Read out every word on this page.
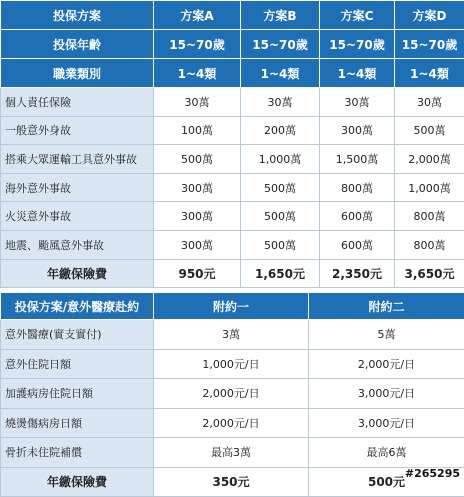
投保方案	方案A	方案B	方案C	方案D
投保年齡	15~70歲	15~70歲	15~70歲	15~70歲
職業類別	1~4類	1~4類	1~4類	1~4類
個人責任保險	30萬	30萬	30萬	30萬
一般意外身故	100萬	200萬	300萬	500萬
搭乘大眾運輸工具意外事故	500萬	1,000萬	1,500萬	2,000萬
海外意外事故	300萬	500萬	800萬	1,000萬
火災意外事故	300萬	500萬	600萬	800萬
地震、颱風意外事故	300萬	500萬	600萬	800萬
年繳保險費	950元	1,650元	2,350元	3,650元
投保方案/意外醫療赴約	附約一	附約二
意外醫療(實支實付)	3萬	5萬
意外住院日額	1,000元/日	2,000元/日
加護病房住院日額	2,000元/日	3,000元/日
燒燙傷病房日額	2,000元/日	3,000元/日
骨折未住院補償	最高3萬	最高6萬
年繳保險費	350元	500元
#265295
